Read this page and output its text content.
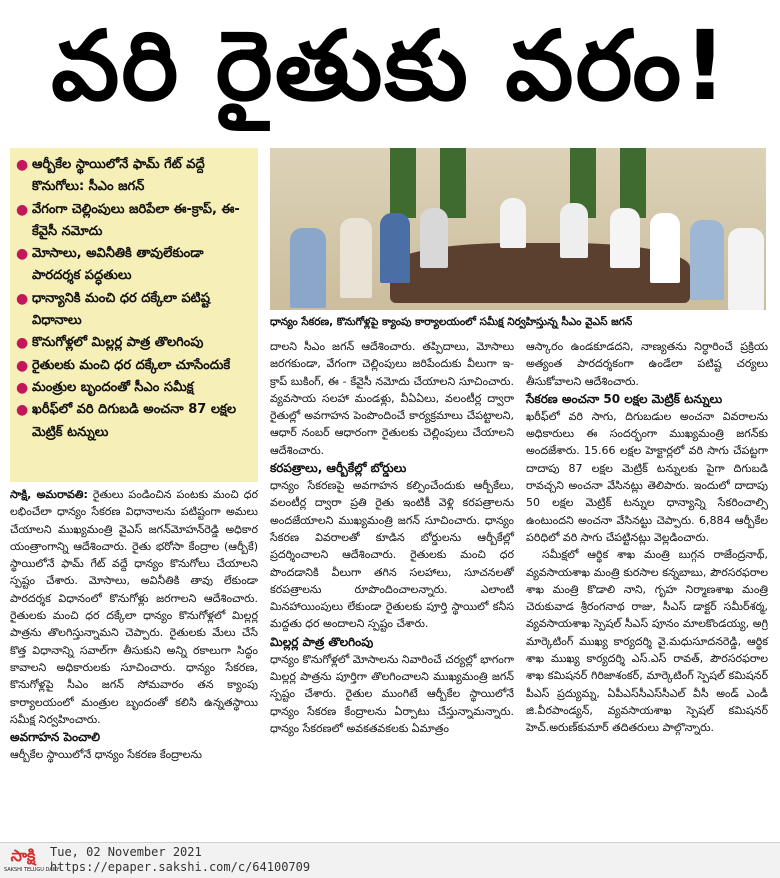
వరి రైతుకు వరం!
● ఆర్బీకేల స్థాయిలోనే ఫామ్ గేట్ వద్దే కొనుగోలు: సీఎం జగన్
● వేగంగా చెల్లింపులు జరిపేలా ఈ-క్రాప్, ఈ-కేవైసీ నమోదు
● మోసాలు, అవినీతికి తావులేకుండా పారదర్శక పద్ధతులు
● ధాన్యానికి మంచి ధర దక్కేలా పటిష్ట విధానాలు
● కొనుగోళ్లలో మిల్లర్ల పాత్ర తొలగింపు
● రైతులకు మంచి ధర దక్కేలా చూసేందుకే
● మంత్రుల బృందంతో సీఎం సమీక్ష
● ఖరీఫ్‌లో వరి దిగుబడి అంచనా 87 లక్షల మెట్రిక్ టన్నులు
ధాన్యం సేకరణ, కొనుగోళ్లపై క్యాంపు కార్యాలయంలో సమీక్ష నిర్వహిస్తున్న సీఎం వైఎస్ జగన్

సాక్షి, అమరావతి: రైతులు పండించిన పంటకు మంచి ధర లభించేలా ధాన్యం సేకరణ విధానాలను పటిష్టంగా అమలు చేయాలని ముఖ్యమంత్రి వైఎస్ జగన్‌మోహన్‌రెడ్డి అధికార యంత్రాంగాన్ని ఆదేశించారు. రైతు భరోసా కేంద్రాల (ఆర్బీకే) స్థాయిలోనే ఫామ్ గేట్ వద్దే ధాన్యం కొనుగోలు చేయాలని స్పష్టం చేశారు. మోసాలు, అవినీతికి తావు లేకుండా పారదర్శక విధానంలో కొనుగోళ్లు జరగాలని ఆదేశించారు. రైతులకు మంచి ధర దక్కేలా ధాన్యం కొనుగోళ్లలో మిల్లర్ల పాత్రను తొలగిస్తున్నామని చెప్పారు. రైతులకు మేలు చేసే కొత్త విధానాన్ని సవాల్‌గా తీసుకుని అన్ని రకాలుగా సిద్ధం కావాలని అధికారులకు సూచించారు. ధాన్యం సేకరణ, కొనుగోళ్లపై సీఎం జగన్ సోమవారం తన క్యాంపు కార్యాలయంలో మంత్రుల బృందంతో కలిసి ఉన్నతస్థాయి సమీక్ష నిర్వహించారు.

అవగాహన పెంచాలి

ఆర్బీకేల స్థాయిలోనే ధాన్యం సేకరణ కేంద్రాలను

దాలని సీఎం జగన్ ఆదేశించారు. తప్పిదాలు, మోసాలు జరగకుండా, వేగంగా చెల్లింపులు జరిపేందుకు వీలుగా ఇ-క్రాప్ బుకింగ్, ఈ - కేవైసీ నమోదు చేయాలని సూచించారు. వ్యవసాయ సలహా మండళ్లు, వీఏఏలు, వలంటీర్ల ద్వారా రైతుల్లో అవగాహన పెంపొందించే కార్యక్రమాలు చేపట్టాలని, ఆధార్ నంబర్ ఆధారంగా రైతులకు చెల్లింపులు చేయాలని ఆదేశించారు.

కరపత్రాలు, ఆర్బీకేల్లో బోర్డులు

ధాన్యం సేకరణపై అవగాహన కల్పించేందుకు ఆర్బీకేలు, వలంటీర్ల ద్వారా ప్రతి రైతు ఇంటికీ వెళ్లి కరపత్రాలను అందజేయాలని ముఖ్యమంత్రి జగన్ సూచించారు. ధాన్యం సేకరణ వివరాలతో కూడిన బోర్డులను ఆర్బీకేల్లో ప్రదర్శించాలని ఆదేశించారు. రైతులకు మంచి ధర పొందడానికి వీలుగా తగిన సలహాలు, సూచనలతో కరపత్రాలను రూపొందించాలన్నారు. ఎలాంటి మినహాయింపులు లేకుండా రైతులకు పూర్తి స్థాయిలో కనీస మద్దతు ధర అందాలని స్పష్టం చేశారు.

మిల్లర్ల పాత్ర తొలగింపు

ధాన్యం కొనుగోళ్లలో మోసాలను నివారించే చర్యల్లో భాగంగా మిల్లర్ల పాత్రను పూర్తిగా తొలగించాలని ముఖ్యమంత్రి జగన్ స్పష్టం చేశారు. రైతుల ముంగిటే ఆర్బీకేల స్థాయిలోనే ధాన్యం సేకరణ కేంద్రాలను ఏర్పాటు చేస్తున్నామన్నారు. ధాన్యం సేకరణలో అవకతవకలకు ఏమాత్రం

ఆస్కారం ఉండకూడదని, నాణ్యతను నిర్ధారించే ప్రక్రియ అత్యంత పారదర్శకంగా ఉండేలా పటిష్ట చర్యలు తీసుకోవాలని ఆదేశించారు.

సేకరణ అంచనా 50 లక్షల మెట్రిక్ టన్నులు

ఖరీఫ్‌లో వరి సాగు, దిగుబడుల అంచనా వివరాలను అధికారులు ఈ సందర్భంగా ముఖ్యమంత్రి జగన్‌కు అందజేశారు. 15.66 లక్షల హెక్టార్లలో వరి సాగు చేపట్టగా దాదాపు 87 లక్షల మెట్రిక్ టన్నులకు పైగా దిగుబడి రావచ్చని అంచనా వేసినట్లు తెలిపారు. ఇందులో దాదాపు 50 లక్షల మెట్రిక్ టన్నుల ధాన్యాన్ని సేకరించాల్సి ఉంటుందని అంచనా వేసినట్టు చెప్పారు. 6,884 ఆర్బీకేల పరిధిలో వరి సాగు చేపట్టినట్లు వెల్లడించారు.

సమీక్షలో ఆర్థిక శాఖ మంత్రి బుగ్గన రాజేంద్రనాథ్, వ్యవసాయశాఖ మంత్రి కురసాల కన్నబాబు, పౌరసరఫరాల శాఖ మంత్రి కొడాలి నాని, గృహ నిర్మాణశాఖ మంత్రి చెరుకువాడ శ్రీరంగనాథ రాజు, సీఎస్ డాక్టర్ సమీర్‌శర్మ, వ్యవసాయశాఖ స్పెషల్ సీఎస్ పూనం మాలకొండయ్య, అగ్రి మార్కెటింగ్ ముఖ్య కార్యదర్శి వై.మధుసూదనరెడ్డి, ఆర్థిక శాఖ ముఖ్య కార్యదర్శి ఎస్.ఎస్ రావత్, పౌరసరఫరాల శాఖ కమిషనర్ గిరిజాశంకర్, మార్కెటింగ్ స్పెషల్ కమిషనర్ పీఎస్ ప్రద్యుమ్న, ఏపీఎస్‌సీఎస్‌సీఎల్ వీసీ అండ్ ఎండీ జి.వీరపాండ్యన్, వ్యవసాయశాఖ స్పెషల్ కమిషనర్ హెచ్.అరుణ్‌కుమార్ తదితరులు పాల్గొన్నారు.

సాక్షి
SAKSHI TELUGU DAILY
Tue, 02 November 2021
https://epaper.sakshi.com/c/64100709
